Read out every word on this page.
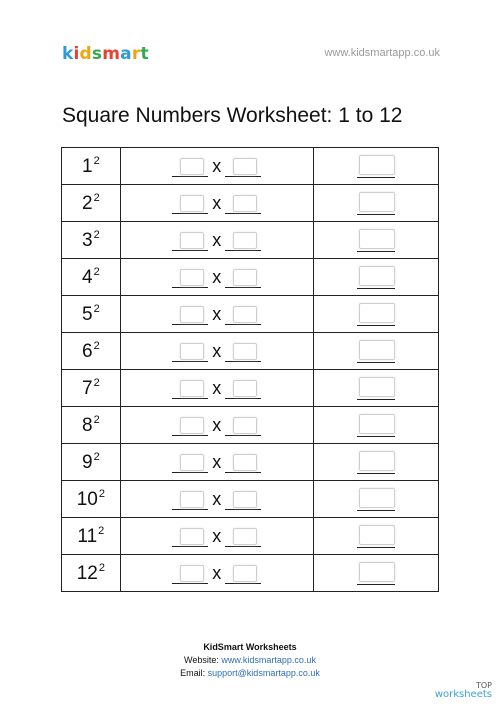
kidsmart	www.kidsmartapp.co.uk
Square Numbers Worksheet: 1 to 12
$1^2$	x	

$2^2$	x	

$3^2$	x	

$4^2$	x	

$5^2$	x	

$6^2$	x	

$7^2$	x	

$8^2$	x	

$9^2$	x	

$10^2$	x	

$11^2$	x	

$12^2$	x	

KidSmart Worksheets
Website: www.kidsmartapp.co.uk
Email: support@kidsmartapp.co.uk
TOP
worksheets
